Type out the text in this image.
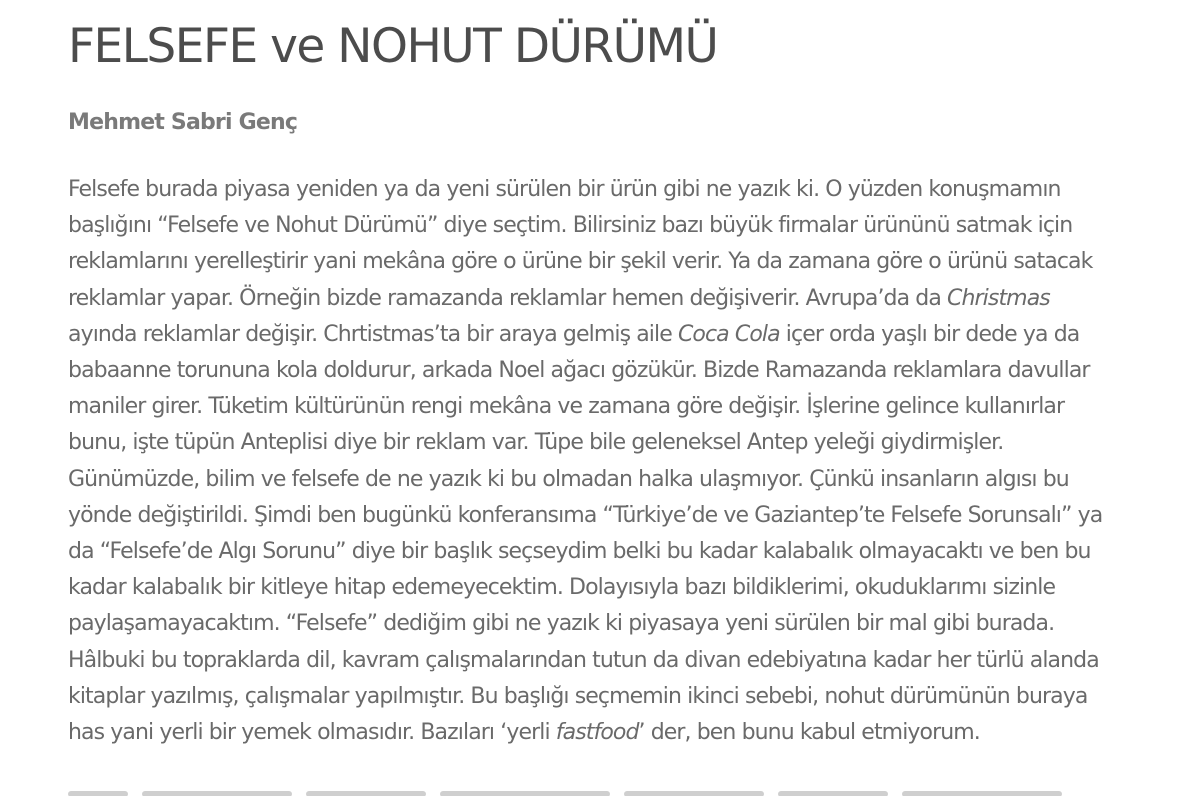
FELSEFE ve NOHUT DÜRÜMÜ
Mehmet Sabri Genç
Felsefe burada piyasa yeniden ya da yeni sürülen bir ürün gibi ne yazık ki. O yüzden konuşmamın
başlığını “Felsefe ve Nohut Dürümü” diye seçtim. Bilirsiniz bazı büyük firmalar ürününü satmak için
reklamlarını yerelleştirir yani mekâna göre o ürüne bir şekil verir. Ya da zamana göre o ürünü satacak
reklamlar yapar. Örneğin bizde ramazanda reklamlar hemen değişiverir. Avrupa’da da Christmas
ayında reklamlar değişir. Chrtistmas’ta bir araya gelmiş aile Coca Cola içer orda yaşlı bir dede ya da
babaanne torununa kola doldurur, arkada Noel ağacı gözükür. Bizde Ramazanda reklamlara davullar
maniler girer. Tüketim kültürünün rengi mekâna ve zamana göre değişir. İşlerine gelince kullanırlar
bunu, işte tüpün Anteplisi diye bir reklam var. Tüpe bile geleneksel Antep yeleği giydirmişler.
Günümüzde, bilim ve felsefe de ne yazık ki bu olmadan halka ulaşmıyor. Çünkü insanların algısı bu
yönde değiştirildi. Şimdi ben bugünkü konferansıma “Türkiye’de ve Gaziantep’te Felsefe Sorunsalı” ya
da “Felsefe’de Algı Sorunu” diye bir başlık seçseydim belki bu kadar kalabalık olmayacaktı ve ben bu
kadar kalabalık bir kitleye hitap edemeyecektim. Dolayısıyla bazı bildiklerimi, okuduklarımı sizinle
paylaşamayacaktım. “Felsefe” dediğim gibi ne yazık ki piyasaya yeni sürülen bir mal gibi burada.
Hâlbuki bu topraklarda dil, kavram çalışmalarından tutun da divan edebiyatına kadar her türlü alanda
kitaplar yazılmış, çalışmalar yapılmıştır. Bu başlığı seçmemin ikinci sebebi, nohut dürümünün buraya
has yani yerli bir yemek olmasıdır. Bazıları ‘yerli fastfood’ der, ben bunu kabul etmiyorum.
